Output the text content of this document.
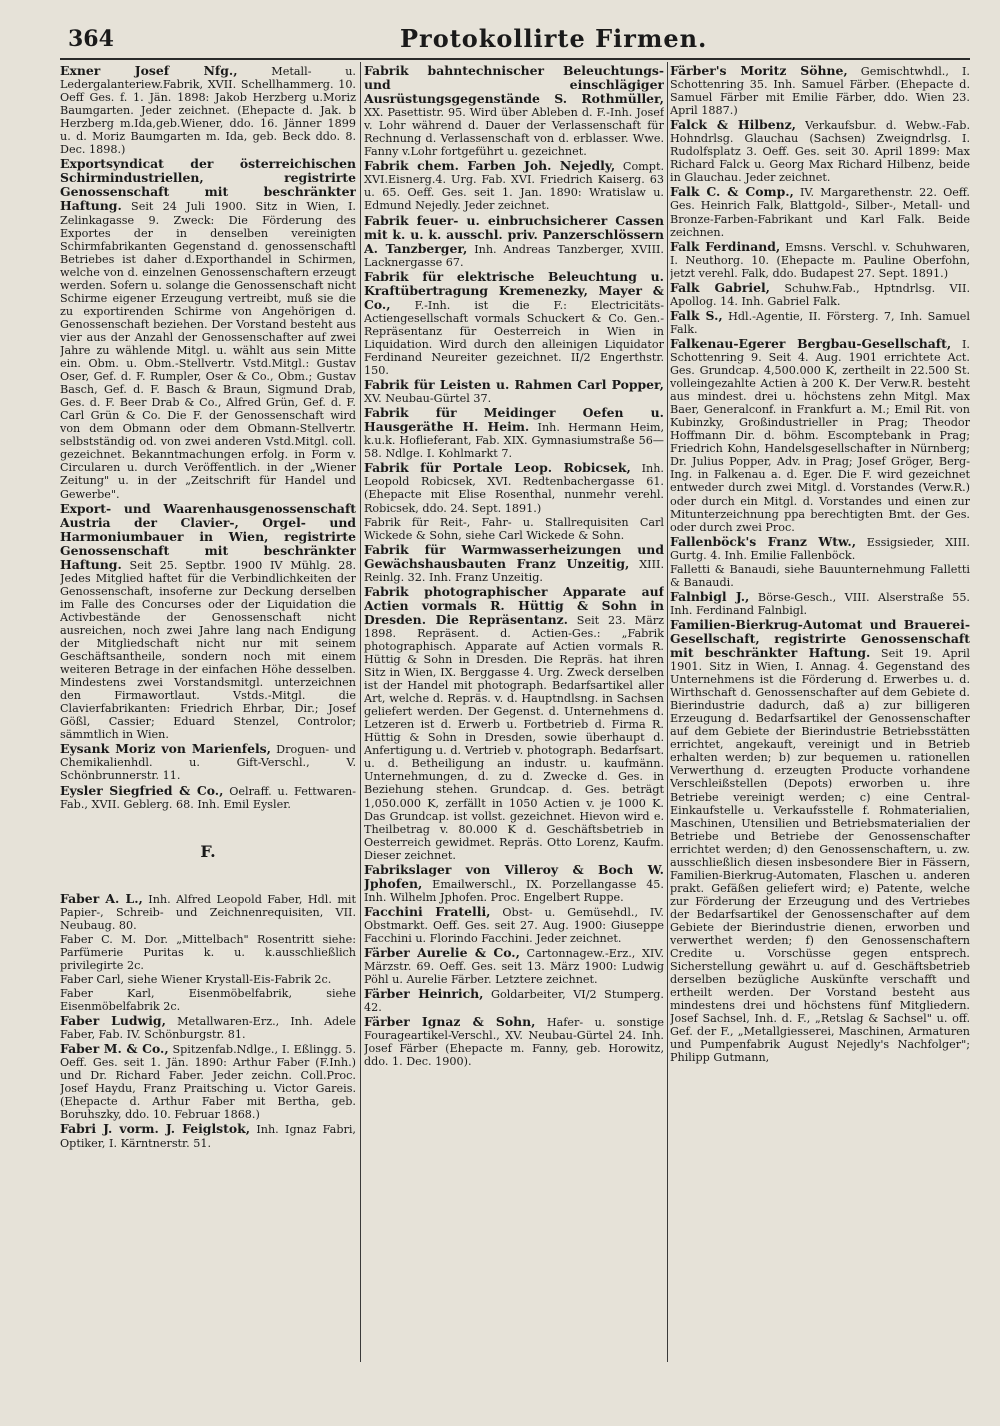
364	Protokollirte Firmen.

Exner Josef Nfg., Metall- u. Ledergalanteriew.Fabrik, XVII. Schellhammerg. 10. Oeff Ges. f. 1. Jän. 1898: Jakob Herzberg u.Moriz Baumgarten. Jeder zeichnet. (Ehepacte d. Jak. b Herzberg m.Ida,geb.Wiener, ddo. 16. Jänner 1899 u. d. Moriz Baumgarten m. Ida, geb. Beck ddo. 8. Dec. 1898.)

Exportsyndicat der österreichischen Schirmindustriellen, registrirte Genossenschaft mit beschränkter Haftung. Seit 24 Juli 1900. Sitz in Wien, I. Zelinkagasse 9. Zweck: Die Förderung des Exportes der in denselben vereinigten Schirmfabrikanten Gegenstand d. genossenschaftl Betriebes ist daher d.Exporthandel in Schirmen, welche von d. einzelnen Genossenschaftern erzeugt werden. Sofern u. solange die Genossenschaft nicht Schirme eigener Erzeugung vertreibt, muß sie die zu exportirenden Schirme von Angehörigen d. Genossenschaft beziehen. Der Vorstand besteht aus vier aus der Anzahl der Genossenschafter auf zwei Jahre zu wählende Mitgl. u. wählt aus sein Mitte ein. Obm. u. Obm.-Stellvertr. Vstd.Mitgl.: Gustav Oser, Gef. d. F. Rumpler, Oser & Co., Obm.; Gustav Basch, Gef. d. F. Basch & Braun, Sigmund Drab, Ges. d. F. Beer Drab & Co., Alfred Grün, Gef. d. F. Carl Grün & Co. Die F. der Genossenschaft wird von dem Obmann oder dem Obmann-Stellvertr. selbstständig od. von zwei anderen Vstd.Mitgl. coll. gezeichnet. Bekanntmachungen erfolg. in Form v. Circularen u. durch Veröffentlich. in der „Wiener Zeitung" u. in der „Zeitschrift für Handel und Gewerbe".

Export- und Waarenhausgenossenschaft Austria der Clavier-, Orgel- und Harmoniumbauer in Wien, registrirte Genossenschaft mit beschränkter Haftung. Seit 25. Septbr. 1900 IV Mühlg. 28. Jedes Mitglied haftet für die Verbindlichkeiten der Genossenschaft, insoferne zur Deckung derselben im Falle des Concurses oder der Liquidation die Activbestände der Genossenschaft nicht ausreichen, noch zwei Jahre lang nach Endigung der Mitgliedschaft nicht nur mit seinem Geschäftsantheile, sondern noch mit einem weiteren Betrage in der einfachen Höhe desselben. Mindestens zwei Vorstandsmitgl. unterzeichnen den Firmawortlaut. Vstds.-Mitgl. die Clavierfabrikanten: Friedrich Ehrbar, Dir.; Josef Gößl, Cassier; Eduard Stenzel, Controlor; sämmtlich in Wien.

Eysank Moriz von Marienfels, Droguen- und Chemikalienhdl. u. Gift-Verschl., V. Schönbrunnerstr. 11.

Eysler Siegfried & Co., Oelraff. u. Fettwaren-Fab., XVII. Geblerg. 68. Inh. Emil Eysler.

F.

Faber A. L., Inh. Alfred Leopold Faber, Hdl. mit Papier-, Schreib- und Zeichnenrequisiten, VII. Neubaug. 80.

Faber C. M. Dor. „Mittelbach" Rosentritt siehe: Parfümerie Puritas k. u. k.ausschließlich privilegirte 2c.

Faber Carl, siehe Wiener Krystall-Eis-Fabrik 2c.

Faber Karl, Eisenmöbelfabrik, siehe Eisenmöbelfabrik 2c.

Faber Ludwig, Metallwaren-Erz., Inh. Adele Faber, Fab. IV. Schönburgstr. 81.

Faber M. & Co., Spitzenfab.Ndlge., I. Eßlingg. 5. Oeff. Ges. seit 1. Jän. 1890: Arthur Faber (F.Inh.) und Dr. Richard Faber. Jeder zeichn. Coll.Proc. Josef Haydu, Franz Praitsching u. Victor Gareis. (Ehepacte d. Arthur Faber mit Bertha, geb. Boruhszky, ddo. 10. Februar 1868.)

Fabri J. vorm. J. Feiglstok, Inh. Ignaz Fabri, Optiker, I. Kärntnerstr. 51.

Fabrik bahntechnischer Beleuchtungs- und einschlägiger Ausrüstungsgegenstände S. Rothmüller, XX. Pasettistr. 95. Wird über Ableben d. F.-Inh. Josef v. Lohr während d. Dauer der Verlassenschaft für Rechnung d. Verlassenschaft von d. erblasser. Wwe. Fanny v.Lohr fortgeführt u. gezeichnet.

Fabrik chem. Farben Joh. Nejedly, Compt. XVI.Eisnerg.4. Urg. Fab. XVI. Friedrich Kaiserg. 63 u. 65. Oeff. Ges. seit 1. Jan. 1890: Wratislaw u. Edmund Nejedly. Jeder zeichnet.

Fabrik feuer- u. einbruchsicherer Cassen mit k. u. k. ausschl. priv. Panzerschlössern A. Tanzberger, Inh. Andreas Tanzberger, XVIII. Lacknergasse 67.

Fabrik für elektrische Beleuchtung u. Kraftübertragung Kremenezky, Mayer & Co., F.-Inh. ist die F.: Electricitäts-Actiengesellschaft vormals Schuckert & Co. Gen.-Repräsentanz für Oesterreich in Wien in Liquidation. Wird durch den alleinigen Liquidator Ferdinand Neureiter gezeichnet. II/2 Engerthstr. 150.

Fabrik für Leisten u. Rahmen Carl Popper, XV. Neubau-Gürtel 37.

Fabrik für Meidinger Oefen u. Hausgeräthe H. Heim. Inh. Hermann Heim, k.u.k. Hoflieferant, Fab. XIX. Gymnasiumstraße 56—58. Ndlge. I. Kohlmarkt 7.

Fabrik für Portale Leop. Robicsek, Inh. Leopold Robicsek, XVI. Redtenbachergasse 61. (Ehepacte mit Elise Rosenthal, nunmehr verehl. Robicsek, ddo. 24. Sept. 1891.)

Fabrik für Reit-, Fahr- u. Stallrequisiten Carl Wickede & Sohn, siehe Carl Wickede & Sohn.

Fabrik für Warmwasserheizungen und Gewächshausbauten Franz Unzeitig, XIII. Reinlg. 32. Inh. Franz Unzeitig.

Fabrik photographischer Apparate auf Actien vormals R. Hüttig & Sohn in Dresden. Die Repräsentanz. Seit 23. März 1898. Repräsent. d. Actien-Ges.: „Fabrik photographisch. Apparate auf Actien vormals R. Hüttig & Sohn in Dresden. Die Repräs. hat ihren Sitz in Wien, IX. Berggasse 4. Urg. Zweck derselben ist der Handel mit photograph. Bedarfsartikel aller Art, welche d. Repräs. v. d. Hauptndlsng. in Sachsen geliefert werden. Der Gegenst. d. Unternehmens d. Letzeren ist d. Erwerb u. Fortbetrieb d. Firma R. Hüttig & Sohn in Dresden, sowie überhaupt d. Anfertigung u. d. Vertrieb v. photograph. Bedarfsart. u. d. Betheiligung an industr. u. kaufmänn. Unternehmungen, d. zu d. Zwecke d. Ges. in Beziehung stehen. Grundcap. d. Ges. beträgt 1,050.000 K, zerfällt in 1050 Actien v. je 1000 K. Das Grundcap. ist vollst. gezeichnet. Hievon wird e. Theilbetrag v. 80.000 K d. Geschäftsbetrieb in Oesterreich gewidmet. Repräs. Otto Lorenz, Kaufm. Dieser zeichnet.

Fabrikslager von Villeroy & Boch W. Jphofen, Emailwerschl., IX. Porzellangasse 45. Inh. Wilhelm Jphofen. Proc. Engelbert Ruppe.

Facchini Fratelli, Obst- u. Gemüsehdl., IV. Obstmarkt. Oeff. Ges. seit 27. Aug. 1900: Giuseppe Facchini u. Florindo Facchini. Jeder zeichnet.

Färber Aurelie & Co., Cartonnagew.-Erz., XIV. Märzstr. 69. Oeff. Ges. seit 13. März 1900: Ludwig Pöhl u. Aurelie Färber. Letztere zeichnet.

Färber Heinrich, Goldarbeiter, VI/2 Stumperg. 42.

Färber Ignaz & Sohn, Hafer- u. sonstige Fourageartikel-Verschl., XV. Neubau-Gürtel 24. Inh. Josef Färber (Ehepacte m. Fanny, geb. Horowitz, ddo. 1. Dec. 1900).

Färber's Moritz Söhne, Gemischtwhdl., I. Schottenring 35. Inh. Samuel Färber. (Ehepacte d. Samuel Färber mit Emilie Färber, ddo. Wien 23. April 1887.)

Falck & Hilbenz, Verkaufsbur. d. Webw.-Fab. Hohndrlsg. Glauchau (Sachsen) Zweigndrlsg. I. Rudolfsplatz 3. Oeff. Ges. seit 30. April 1899: Max Richard Falck u. Georg Max Richard Hilbenz, beide in Glauchau. Jeder zeichnet.

Falk C. & Comp., IV. Margarethenstr. 22. Oeff. Ges. Heinrich Falk, Blattgold-, Silber-, Metall- und Bronze-Farben-Fabrikant und Karl Falk. Beide zeichnen.

Falk Ferdinand, Emsns. Verschl. v. Schuhwaren, I. Neuthorg. 10. (Ehepacte m. Pauline Oberfohn, jetzt verehl. Falk, ddo. Budapest 27. Sept. 1891.)

Falk Gabriel, Schuhw.Fab., Hptndrlsg. VII. Apollog. 14. Inh. Gabriel Falk.

Falk S., Hdl.-Agentie, II. Försterg. 7, Inh. Samuel Falk.

Falkenau-Egerer Bergbau-Gesellschaft, I. Schottenring 9. Seit 4. Aug. 1901 errichtete Act. Ges. Grundcap. 4,500.000 K, zertheilt in 22.500 St. volleingezahlte Actien à 200 K. Der Verw.R. besteht aus mindest. drei u. höchstens zehn Mitgl. Max Baer, Generalconf. in Frankfurt a. M.; Emil Rit. von Kubinzky, Großindustrieller in Prag; Theodor Hoffmann Dir. d. böhm. Escomptebank in Prag; Friedrich Kohn, Handelsgesellschafter in Nürnberg; Dr. Julius Popper, Adv. in Prag; Josef Gröger, Berg-Ing. in Falkenau a. d. Eger. Die F. wird gezeichnet entweder durch zwei Mitgl. d. Vorstandes (Verw.R.) oder durch ein Mitgl. d. Vorstandes und einen zur Mitunterzeichnung ppa berechtigten Bmt. der Ges. oder durch zwei Proc.

Fallenböck's Franz Wtw., Essigsieder, XIII. Gurtg. 4. Inh. Emilie Fallenböck.

Falletti & Banaudi, siehe Bauunternehmung Falletti & Banaudi.

Falnbigl J., Börse-Gesch., VIII. Alserstraße 55. Inh. Ferdinand Falnbigl.

Familien-Bierkrug-Automat und Brauerei-Gesellschaft, registrirte Genossenschaft mit beschränkter Haftung. Seit 19. April 1901. Sitz in Wien, I. Annag. 4. Gegenstand des Unternehmens ist die Förderung d. Erwerbes u. d. Wirthschaft d. Genossenschafter auf dem Gebiete d. Bierindustrie dadurch, daß a) zur billigeren Erzeugung d. Bedarfsartikel der Genossenschafter auf dem Gebiete der Bierindustrie Betriebsstätten errichtet, angekauft, vereinigt und in Betrieb erhalten werden; b) zur bequemen u. rationellen Verwerthung d. erzeugten Producte vorhandene Verschleißstellen (Depots) erworben u. ihre Betriebe vereinigt werden; c) eine Central-Einkaufstelle u. Verkaufsstelle f. Rohmaterialien, Maschinen, Utensilien und Betriebsmaterialien der Betriebe und Betriebe der Genossenschafter errichtet werden; d) den Genossenschaftern, u. zw. ausschließlich diesen insbesondere Bier in Fässern, Familien-Bierkrug-Automaten, Flaschen u. anderen prakt. Gefäßen geliefert wird; e) Patente, welche zur Förderung der Erzeugung und des Vertriebes der Bedarfsartikel der Genossenschafter auf dem Gebiete der Bierindustrie dienen, erworben und verwerthet werden; f) den Genossenschaftern Credite u. Vorschüsse gegen entsprech. Sicherstellung gewährt u. auf d. Geschäftsbetrieb derselben bezügliche Auskünfte verschafft und ertheilt werden. Der Vorstand besteht aus mindestens drei und höchstens fünf Mitgliedern. Josef Sachsel, Inh. d. F., „Retslag & Sachsel" u. off. Gef. der F., „Metallgiesserei, Maschinen, Armaturen und Pumpenfabrik August Nejedly's Nachfolger"; Philipp Gutmann,
